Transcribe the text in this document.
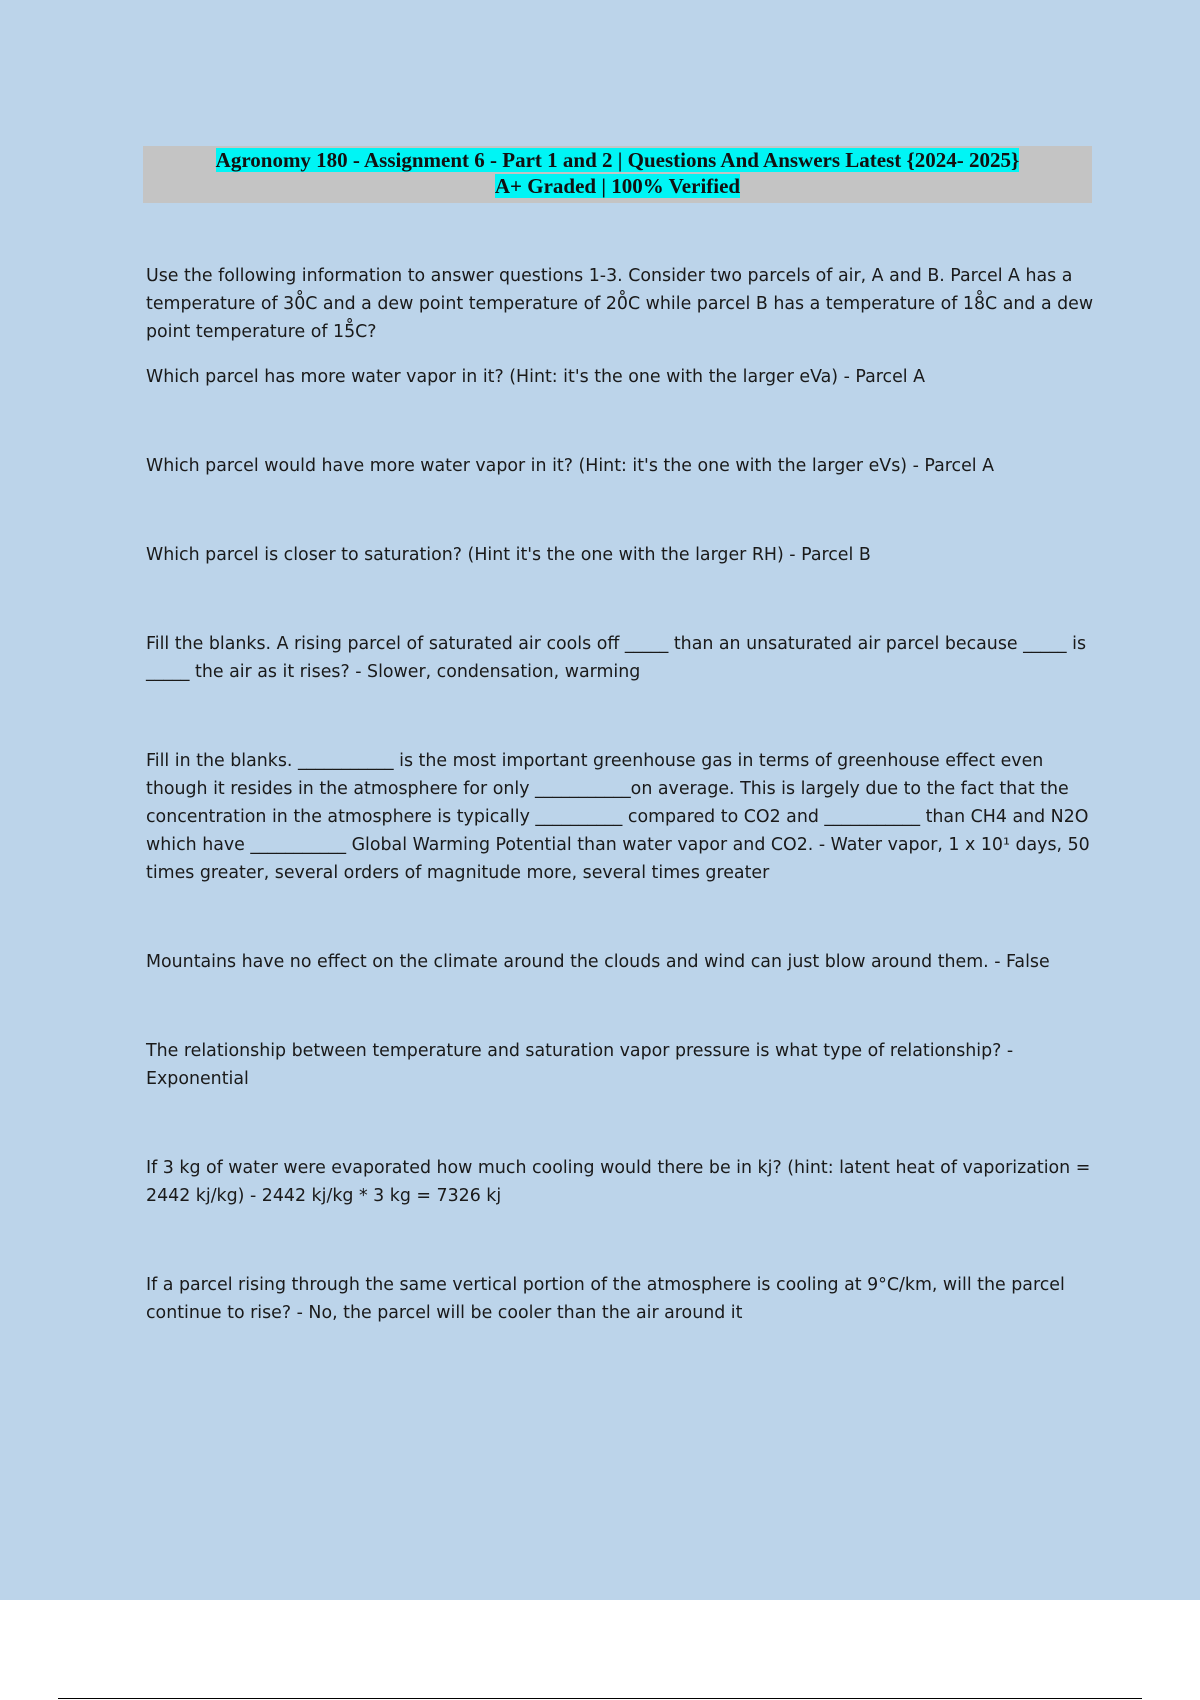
Agronomy 180 - Assignment 6 - Part 1 and 2 | Questions And Answers Latest {2024- 2025}
A+ Graded | 100% Verified

Use the following information to answer questions 1-3. Consider two parcels of air, A and B. Parcel A has a temperature of 30̊C and a dew point temperature of 20̊C while parcel B has a temperature of 18̊C and a dew point temperature of 15̊C?

Which parcel has more water vapor in it? (Hint: it's the one with the larger eVa) - Parcel A

Which parcel would have more water vapor in it? (Hint: it's the one with the larger eVs) - Parcel A

Which parcel is closer to saturation? (Hint it's the one with the larger RH) - Parcel B

Fill the blanks. A rising parcel of saturated air cools off _____ than an unsaturated air parcel because _____ is _____ the air as it rises? - Slower, condensation, warming

Fill in the blanks. ___________ is the most important greenhouse gas in terms of greenhouse effect even though it resides in the atmosphere for only ___________on average. This is largely due to the fact that the concentration in the atmosphere is typically __________ compared to CO2 and ___________ than CH4 and N2O which have ___________ Global Warming Potential than water vapor and CO2. - Water vapor, 1 x 10¹ days, 50 times greater, several orders of magnitude more, several times greater

Mountains have no effect on the climate around the clouds and wind can just blow around them. - False

The relationship between temperature and saturation vapor pressure is what type of relationship? - Exponential

If 3 kg of water were evaporated how much cooling would there be in kj? (hint: latent heat of vaporization = 2442 kj/kg) - 2442 kj/kg * 3 kg = 7326 kj

If a parcel rising through the same vertical portion of the atmosphere is cooling at 9°C/km, will the parcel continue to rise? - No, the parcel will be cooler than the air around it
